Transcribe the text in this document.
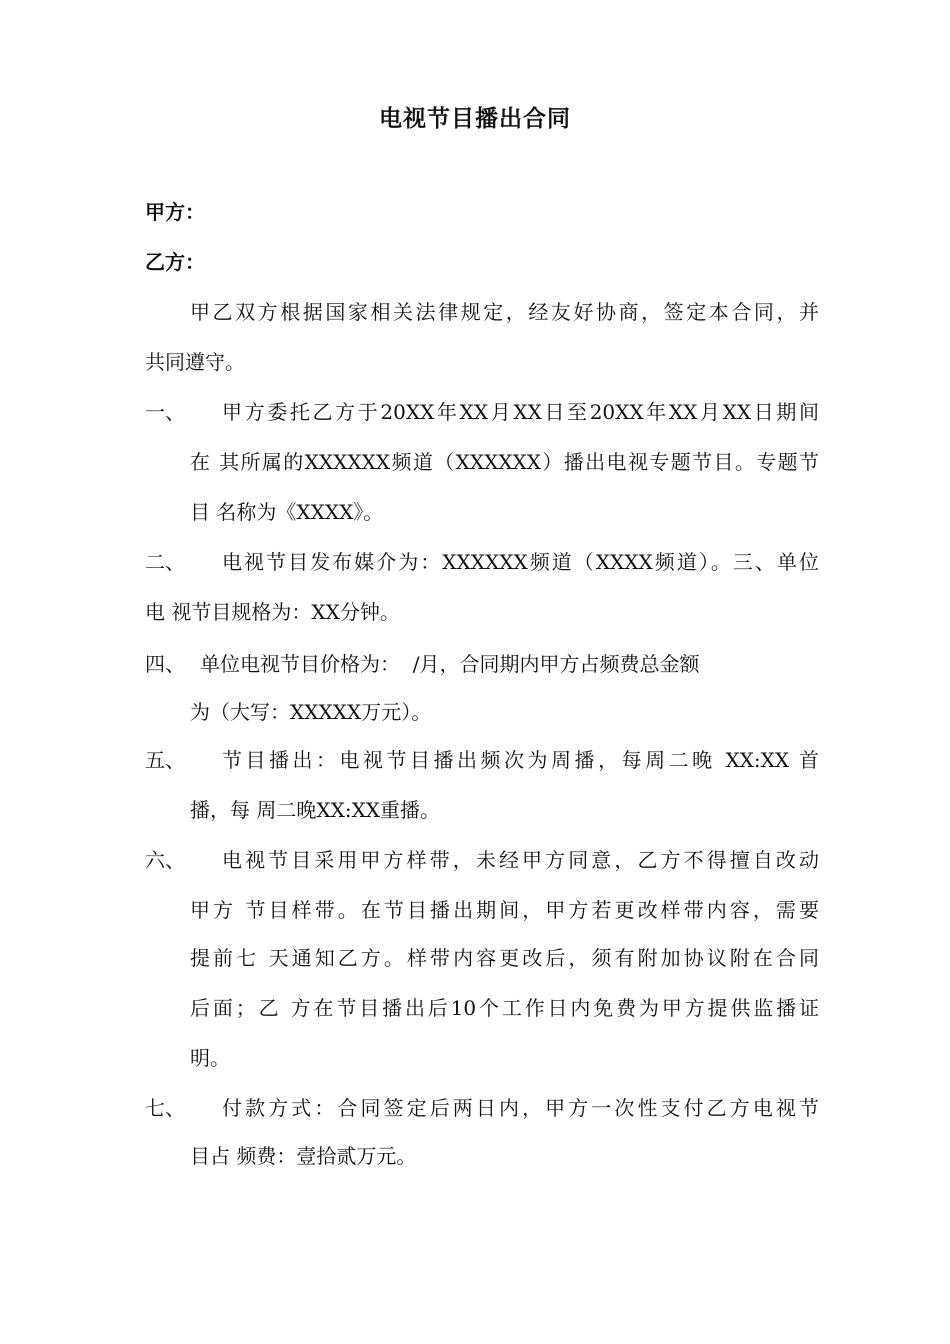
电视节目播出合同
甲方：
乙方：
甲乙双方根据国家相关法律规定，经友好协商，签定本合同，并
共同遵守。
一、 甲方委托乙方于20XX年XX月XX日至20XX年XX月XX日期间
在 其所属的XXXXXX频道（XXXXXX）播出电视专题节目。专题节
目 名称为《XXXX》。
二、 电视节目发布媒介为：XXXXXX频道（XXXX频道）。三、单位
电 视节目规格为：XX分钟。
四、 单位电视节目价格为：  /月，合同期内甲方占频费总金额
为（大写：XXXXX万元）。
五、 节目播出：电视节目播出频次为周播，每周二晚 XX:XX 首
播，每 周二晚XX:XX重播。
六、 电视节目采用甲方样带，未经甲方同意，乙方不得擅自改动
甲方 节目样带。在节目播出期间，甲方若更改样带内容，需要
提前七 天通知乙方。样带内容更改后，须有附加协议附在合同
后面；乙 方在节目播出后10个工作日内免费为甲方提供监播证
明。
七、 付款方式：合同签定后两日内，甲方一次性支付乙方电视节
目占 频费：壹拾贰万元。
